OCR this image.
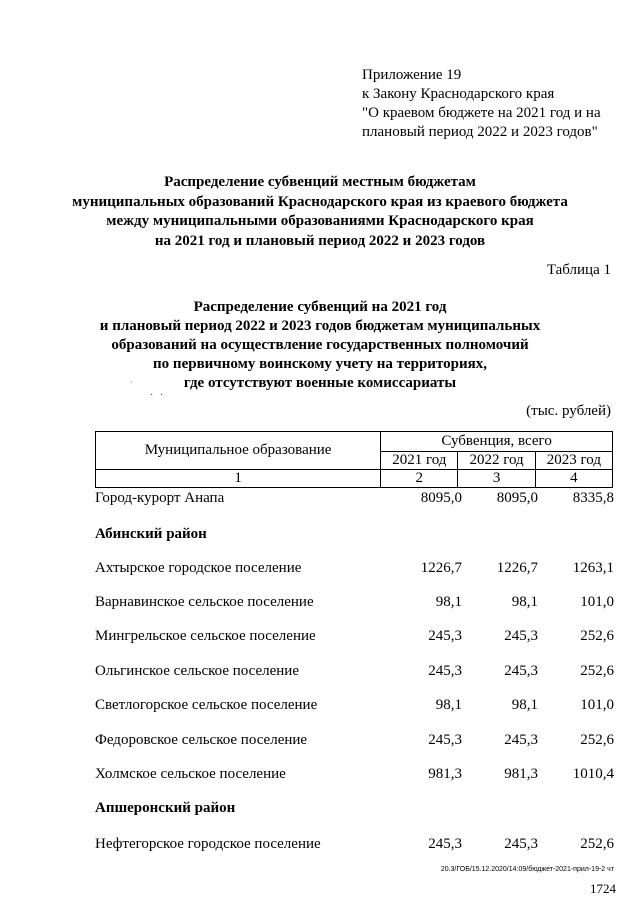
Приложение 19
к Закону Краснодарского края
"О краевом бюджете на 2021 год и на
плановый период 2022 и 2023 годов"
Распределение субвенций местным бюджетам
муниципальных образований Краснодарского края из краевого бюджета
между муниципальными образованиями Краснодарского края
на 2021 год и плановый период 2022 и 2023 годов
Таблица 1
Распределение субвенций на 2021 год
и плановый период 2022 и 2023 годов бюджетам муниципальных
образований на осуществление государственных полномочий
по первичному воинскому учету на территориях,
где отсутствуют военные комиссариаты
·
· ·
(тыс. рублей)
Муниципальное образование	Субвенция, всего		
	2021 год	2022 год	2023 год
1	2	3	4
Город-курорт Анапа	8095,0 8095,0 8335,8
Абинский район
Ахтырское городское поселение	1226,7 1226,7 1263,1
Варнавинское сельское поселение	98,1	98,1	101,0
Мингрельское сельское поселение	245,3	245,3	252,6
Ольгинское сельское поселение	245,3	245,3	252,6
Светлогорское сельское поселение	98,1	98,1	101,0
Федоровское сельское поселение	245,3	245,3	252,6
Холмское сельское поселение	981,3	981,3 1010,4
Апшеронский район
Нефтегорское городское поселение	245,3	245,3	252,6
20.3/ГОБ/15.12.2020/14:09/бюджет-2021-прил-19-2 чт
1724
